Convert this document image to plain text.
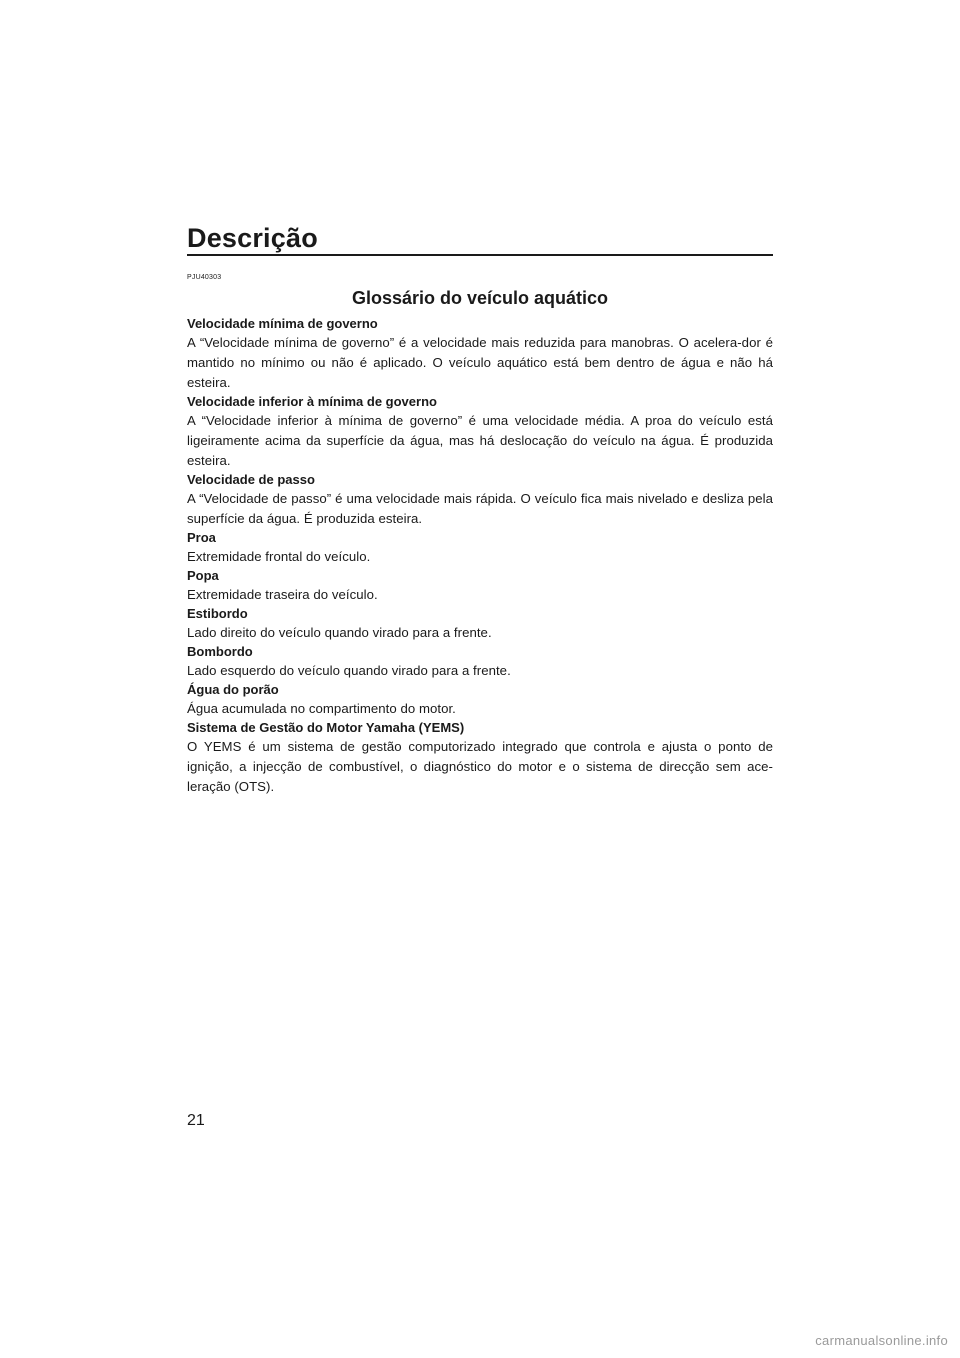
Descrição
PJU40303
Glossário do veículo aquático
Velocidade mínima de governo
A “Velocidade mínima de governo” é a velocidade mais reduzida para manobras. O acelera-dor é mantido no mínimo ou não é aplicado. O veículo aquático está bem dentro de água e não há esteira.
Velocidade inferior à mínima de governo
A “Velocidade inferior à mínima de governo” é uma velocidade média. A proa do veículo está ligeiramente acima da superfície da água, mas há deslocação do veículo na água. É produzida esteira.
Velocidade de passo
A “Velocidade de passo” é uma velocidade mais rápida. O veículo fica mais nivelado e desliza pela superfície da água. É produzida esteira.
Proa
Extremidade frontal do veículo.
Popa
Extremidade traseira do veículo.
Estibordo
Lado direito do veículo quando virado para a frente.
Bombordo
Lado esquerdo do veículo quando virado para a frente.
Água do porão
Água acumulada no compartimento do motor.
Sistema de Gestão do Motor Yamaha (YEMS)
O YEMS é um sistema de gestão computorizado integrado que controla e ajusta o ponto de ignição, a injecção de combustível, o diagnóstico do motor e o sistema de direcção sem ace-leração (OTS).
21
carmanualsonline.info
